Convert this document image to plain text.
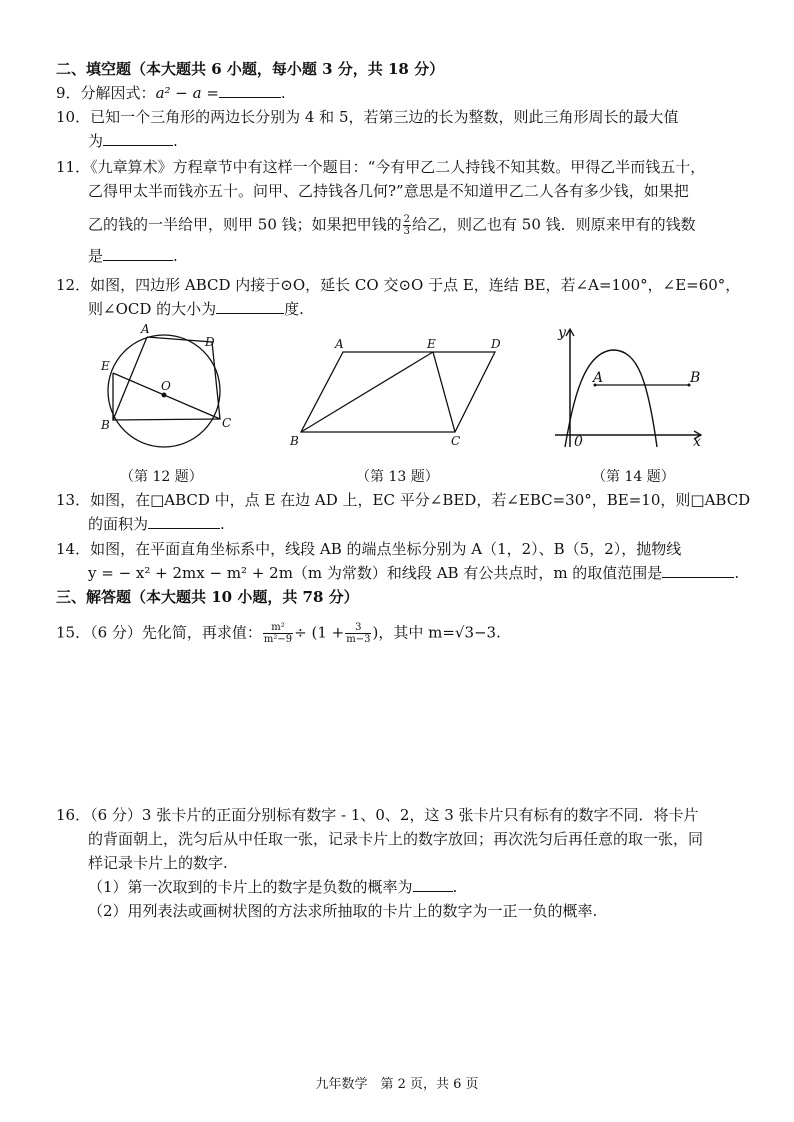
二、填空题（本大题共 6 小题，每小题 3 分，共 18 分）
9．分解因式：a² − a =	.
10．已知一个三角形的两边长分别为 4 和 5，若第三边的长为整数，则此三角形周长的最大值
为	.
11．《九章算术》方程章节中有这样一个题目：“今有甲乙二人持钱不知其数。甲得乙半而钱五十，
乙得甲太半而钱亦五十。问甲、乙持钱各几何?”意思是不知道甲乙二人各有多少钱，如果把
乙的钱的一半给甲，则甲 50 钱；如果把甲钱的 $\frac{2}{3}$ 给乙，则乙也有 50 钱．则原来甲有的钱数
是	.
12．如图，四边形 ABCD 内接于⊙O，延长 CO 交⊙O 于点 E，连结 BE，若∠A=100°，∠E=60°，
则∠OCD 的大小为	度.
A
D
E
O
B	C
（第 12 题）
A	E	D
B	C
（第 13 题）
y
A	B
0	x
（第 14 题）
13．如图，在□ABCD 中，点 E 在边 AD 上，EC 平分∠BED，若∠EBC=30°，BE=10，则□ABCD
的面积为	.
14．如图，在平面直角坐标系中，线段 AB 的端点坐标分别为 A（1，2）、B（5，2），抛物线
y = − x² + 2mx − m² + 2m（m 为常数）和线段 AB 有公共点时，m 的取值范围是	.
三、解答题（本大题共 10 小题，共 78 分）
15．（6 分）先化简，再求值： $\frac{\text{m²}}{\text{m²−9}} \div (1 + \frac{3}{m-3}$ )，其中 m=√3−3.
16．（6 分）3 张卡片的正面分别标有数字 - 1、0、2，这 3 张卡片只有标有的数字不同．将卡片
的背面朝上，洗匀后从中任取一张，记录卡片上的数字放回；再次洗匀后再任意的取一张，同
样记录卡片上的数字.
（1）第一次取到的卡片上的数字是负数的概率为	.
（2）用列表法或画树状图的方法求所抽取的卡片上的数字为一正一负的概率.
九年数学　第 2 页，共 6 页
